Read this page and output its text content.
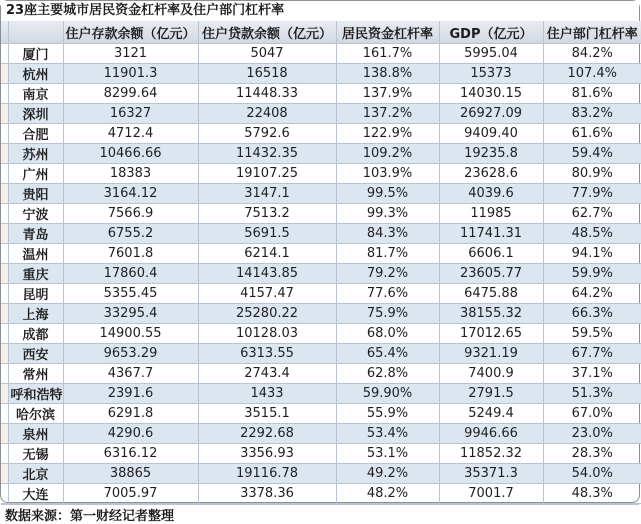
23座主要城市居民资金杠杆率及住户部门杠杆率
		住户存款余额（亿元）	住户贷款余额（亿元）	居民资金杠杆率	GDP（亿元）	住户部门杠杆率
	厦门	3121	5047	161.7%	5995.04	84.2%
	杭州	11901.3	16518	138.8%	15373	107.4%
	南京	8299.64	11448.33	137.9%	14030.15	81.6%
	深圳	16327	22408	137.2%	26927.09	83.2%
	合肥	4712.4	5792.6	122.9%	9409.40	61.6%
	苏州	10466.66	11432.35	109.2%	19235.8	59.4%
	广州	18383	19107.25	103.9%	23628.6	80.9%
	贵阳	3164.12	3147.1	99.5%	4039.6	77.9%
	宁波	7566.9	7513.2	99.3%	11985	62.7%
	青岛	6755.2	5691.5	84.3%	11741.31	48.5%
	温州	7601.8	6214.1	81.7%	6606.1	94.1%
	重庆	17860.4	14143.85	79.2%	23605.77	59.9%
	昆明	5355.45	4157.47	77.6%	6475.88	64.2%
	上海	33295.4	25280.22	75.9%	38155.32	66.3%
	成都	14900.55	10128.03	68.0%	17012.65	59.5%
	西安	9653.29	6313.55	65.4%	9321.19	67.7%
	常州	4367.7	2743.4	62.8%	7400.9	37.1%
	呼和浩特	2391.6	1433	59.90%	2791.5	51.3%
	哈尔滨	6291.8	3515.1	55.9%	5249.4	67.0%
	泉州	4290.6	2292.68	53.4%	9946.66	23.0%
	无锡	6316.12	3356.93	53.1%	11852.32	28.3%
	北京	38865	19116.78	49.2%	35371.3	54.0%
	大连	7005.97	3378.36	48.2%	7001.7	48.3%
数据来源：第一财经记者整理
